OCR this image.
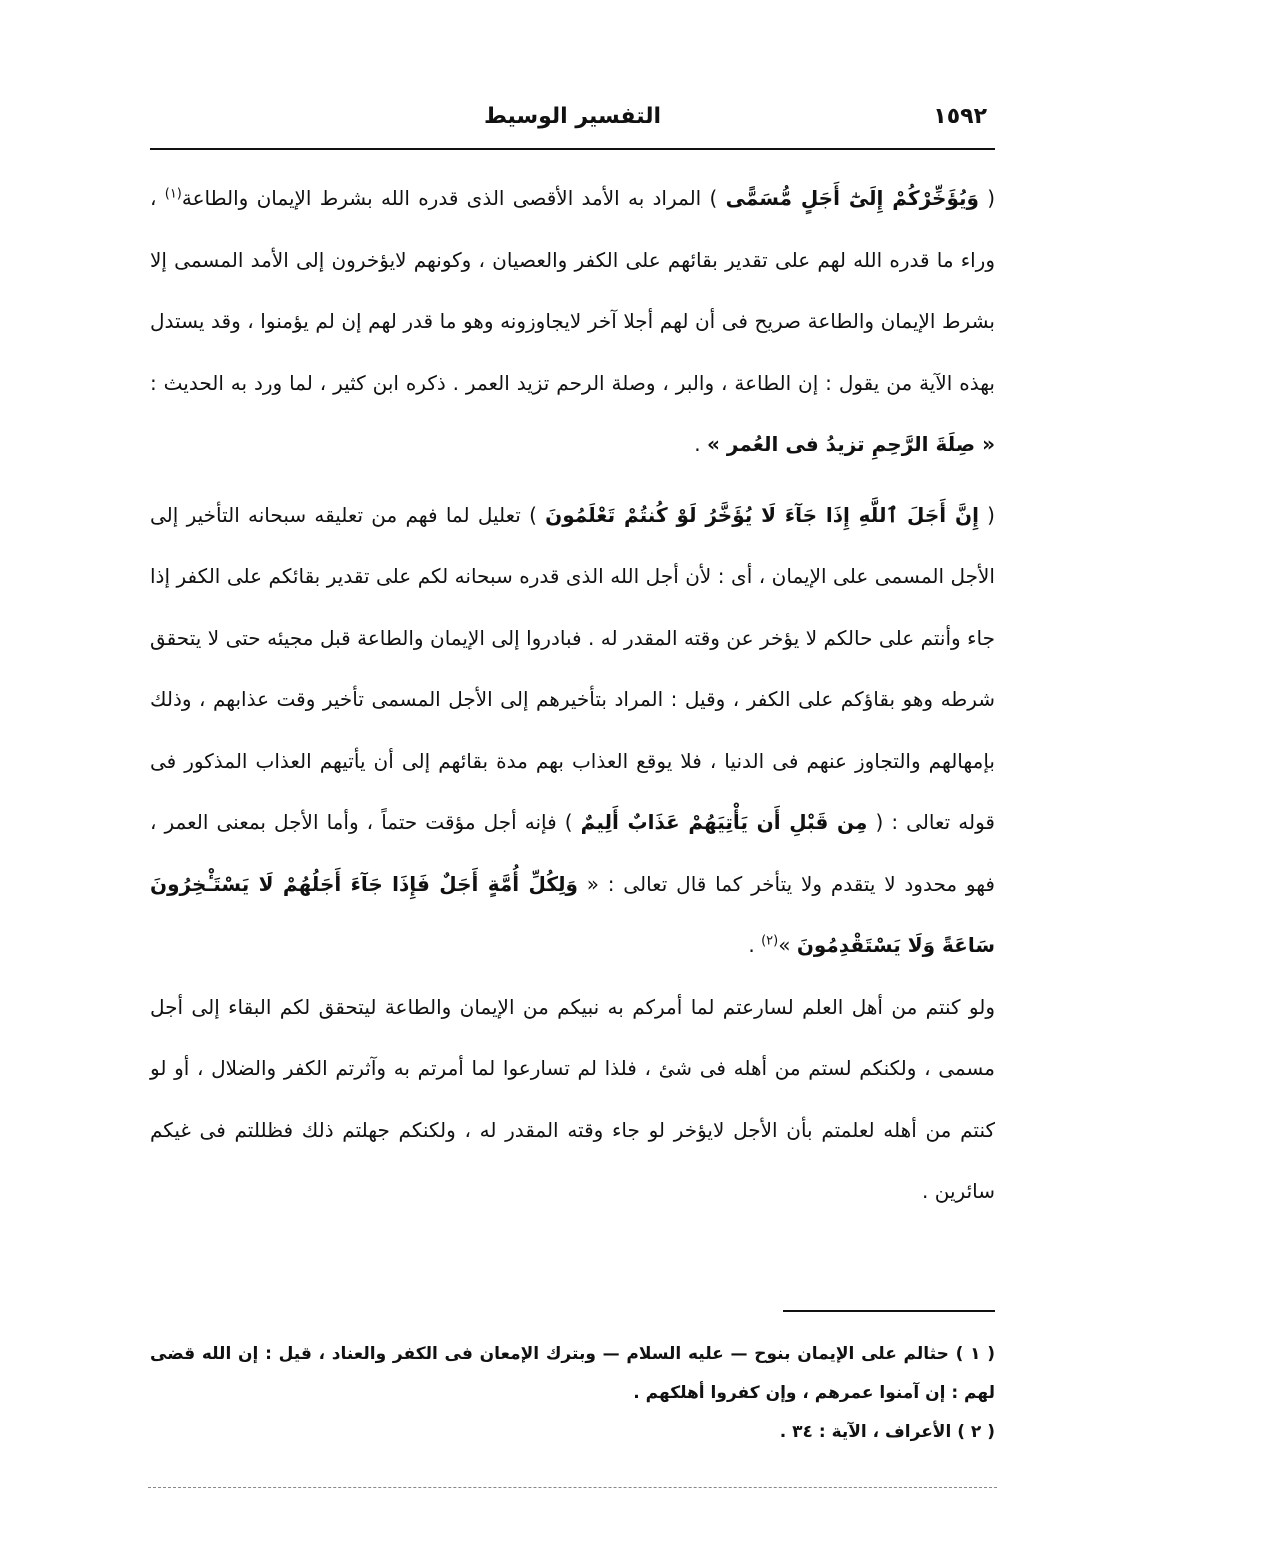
التفسير الوسيط	١٥٩٢
( وَيُؤَخِّرْكُمْ إِلَىٰٓ أَجَلٍ مُّسَمًّى ) المراد به الأمد الأقصى الذى قدره الله بشرط الإيمان والطاعة$^{(١)}$ ، وراء ما قدره الله لهم على تقدير بقائهم على الكفر والعصيان ، وكونهم لايؤخرون إلى الأمد المسمى إلا بشرط الإيمان والطاعة صريح فى أن لهم أجلا آخر لايجاوزونه وهو ما قدر لهم إن لم يؤمنوا ، وقد يستدل بهذه الآية من يقول : إن الطاعة ، والبر ، وصلة الرحم تزيد العمر . ذكره ابن كثير ، لما ورد به الحديث : « صِلَةَ الرَّحِمِ تزيدُ فى العُمر » .
( إِنَّ أَجَلَ ٱللَّهِ إِذَا جَآءَ لَا يُؤَخَّرُ لَوْ كُنتُمْ تَعْلَمُونَ ) تعليل لما فهم من تعليقه سبحانه التأخير إلى الأجل المسمى على الإيمان ، أى : لأن أجل الله الذى قدره سبحانه لكم على تقدير بقائكم على الكفر إذا جاء وأنتم على حالكم لا يؤخر عن وقته المقدر له . فبادروا إلى الإيمان والطاعة قبل مجيئه حتى لا يتحقق شرطه وهو بقاؤكم على الكفر ، وقيل : المراد بتأخيرهم إلى الأجل المسمى تأخير وقت عذابهم ، وذلك بإمهالهم والتجاوز عنهم فى الدنيا ، فلا يوقع العذاب بهم مدة بقائهم إلى أن يأتيهم العذاب المذكور فى قوله تعالى : ( مِن قَبْلِ أَن يَأْتِيَهُمْ عَذَابٌ أَلِيمٌ ) فإنه أجل مؤقت حتماً ، وأما الأجل بمعنى العمر ، فهو محدود لا يتقدم ولا يتأخر كما قال تعالى : « وَلِكُلِّ أُمَّةٍ أَجَلٌ فَإِذَا جَآءَ أَجَلُهُمْ لَا يَسْتَـْٔخِرُونَ سَاعَةً وَلَا يَسْتَقْدِمُونَ »$^{(٢)}$ .
ولو كنتم من أهل العلم لسارعتم لما أمركم به نبيكم من الإيمان والطاعة ليتحقق لكم البقاء إلى أجل مسمى ، ولكنكم لستم من أهله فى شئ ، فلذا لم تسارعوا لما أمرتم به وآثرتم الكفر والضلال ، أو لو كنتم من أهله لعلمتم بأن الأجل لايؤخر لو جاء وقته المقدر له ، ولكنكم جهلتم ذلك فظللتم فى غيكم سائرين .

( ١ ) حثالم على الإيمان بنوح — عليه السلام — وبترك الإمعان فى الكفر والعناد ، قيل : إن الله قضى لهم : إن آمنوا عمرهم ، وإن كفروا أهلكهم .

( ٢ ) الأعراف ، الآية : ٣٤ .
